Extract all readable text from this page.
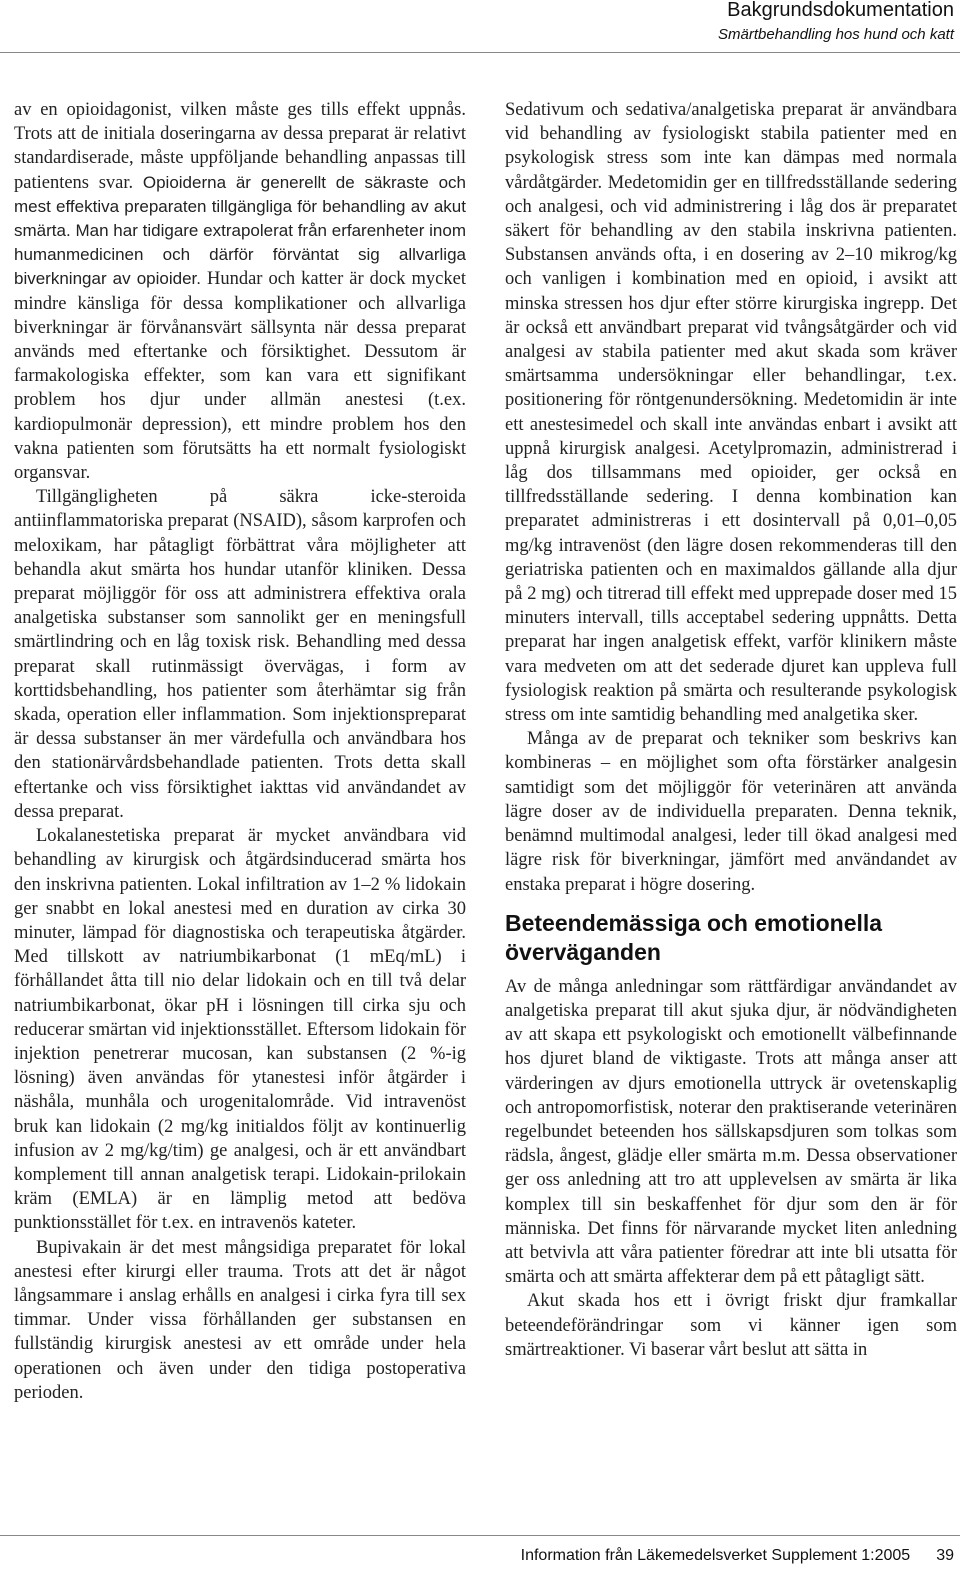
Bakgrundsdokumentation
Smärtbehandling hos hund och katt

av en opioidagonist, vilken måste ges tills effekt uppnås. Trots att de initiala doseringarna av dessa preparat är relativt standardiserade, måste uppföljande behandling anpassas till patientens svar. Opioiderna är generellt de säkraste och mest effektiva preparaten tillgängliga för behandling av akut smärta. Man har tidigare extrapolerat från erfarenheter inom humanmedicinen och därför förväntat sig allvarliga biverkningar av opioider. Hundar och katter är dock mycket mindre känsliga för dessa komplikationer och allvarliga biverkningar är förvånansvärt sällsynta när dessa preparat används med eftertanke och försiktighet. Dessutom är farmakologiska effekter, som kan vara ett signifikant problem hos djur under allmän anestesi (t.ex. kardiopulmonär depression), ett mindre problem hos den vakna patienten som förutsätts ha ett normalt fysiologiskt organsvar.

Tillgängligheten på säkra icke-steroida antiinflammatoriska preparat (NSAID), såsom karprofen och meloxikam, har påtagligt förbättrat våra möjligheter att behandla akut smärta hos hundar utanför kliniken. Dessa preparat möjliggör för oss att administrera effektiva orala analgetiska substanser som sannolikt ger en meningsfull smärtlindring och en låg toxisk risk. Behandling med dessa preparat skall rutinmässigt övervägas, i form av korttidsbehandling, hos patienter som återhämtar sig från skada, operation eller inflammation. Som injektionspreparat är dessa substanser än mer värdefulla och användbara hos den stationärvårdsbehandlade patienten. Trots detta skall eftertanke och viss försiktighet iakttas vid användandet av dessa preparat.

Lokalanestetiska preparat är mycket användbara vid behandling av kirurgisk och åtgärdsinducerad smärta hos den inskrivna patienten. Lokal infiltration av 1–2 % lidokain ger snabbt en lokal anestesi med en duration av cirka 30 minuter, lämpad för diagnostiska och terapeutiska åtgärder. Med tillskott av natriumbikarbonat (1 mEq/mL) i förhållandet åtta till nio delar lidokain och en till två delar natriumbikarbonat, ökar pH i lösningen till cirka sju och reducerar smärtan vid injektionsstället. Eftersom lidokain för injektion penetrerar mucosan, kan substansen (2 %-ig lösning) även användas för ytanestesi inför åtgärder i näshåla, munhåla och urogenitalområde. Vid intravenöst bruk kan lidokain (2 mg/kg initialdos följt av kontinuerlig infusion av 2 mg/kg/tim) ge analgesi, och är ett användbart komplement till annan analgetisk terapi. Lidokain-prilokain kräm (EMLA) är en lämplig metod att bedöva punktionsstället för t.ex. en intravenös kateter.

Bupivakain är det mest mångsidiga preparatet för lokal anestesi efter kirurgi eller trauma. Trots att det är något långsammare i anslag erhålls en analgesi i cirka fyra till sex timmar. Under vissa förhållanden ger substansen en fullständig kirurgisk anestesi av ett område under hela operationen och även under den tidiga postoperativa perioden.

Sedativum och sedativa/analgetiska preparat är användbara vid behandling av fysiologiskt stabila patienter med en psykologisk stress som inte kan dämpas med normala vårdåtgärder. Medetomidin ger en tillfredsställande sedering och analgesi, och vid administrering i låg dos är preparatet säkert för behandling av den stabila inskrivna patienten. Substansen används ofta, i en dosering av 2–10 mikrog/kg och vanligen i kombination med en opioid, i avsikt att minska stressen hos djur efter större kirurgiska ingrepp. Det är också ett användbart preparat vid tvångsåtgärder och vid analgesi av stabila patienter med akut skada som kräver smärtsamma undersökningar eller behandlingar, t.ex. positionering för röntgenundersökning. Medetomidin är inte ett anestesimedel och skall inte användas enbart i avsikt att uppnå kirurgisk analgesi. Acetylpromazin, administrerad i låg dos tillsammans med opioider, ger också en tillfredsställande sedering. I denna kombination kan preparatet administreras i ett dosintervall på 0,01–0,05 mg/kg intravenöst (den lägre dosen rekommenderas till den geriatriska patienten och en maximaldos gällande alla djur på 2 mg) och titrerad till effekt med upprepade doser med 15 minuters intervall, tills acceptabel sedering uppnåtts. Detta preparat har ingen analgetisk effekt, varför klinikern måste vara medveten om att det sederade djuret kan uppleva full fysiologisk reaktion på smärta och resulterande psykologisk stress om inte samtidig behandling med analgetika sker.

Många av de preparat och tekniker som beskrivs kan kombineras – en möjlighet som ofta förstärker analgesin samtidigt som det möjliggör för veterinären att använda lägre doser av de individuella preparaten. Denna teknik, benämnd multimodal analgesi, leder till ökad analgesi med lägre risk för biverkningar, jämfört med användandet av enstaka preparat i högre dosering.

Beteendemässiga och emotionella överväganden

Av de många anledningar som rättfärdigar användandet av analgetiska preparat till akut sjuka djur, är nödvändigheten av att skapa ett psykologiskt och emotionellt välbefinnande hos djuret bland de viktigaste. Trots att många anser att värderingen av djurs emotionella uttryck är ovetenskaplig och antropomorfistisk, noterar den praktiserande veterinären regelbundet beteenden hos sällskapsdjuren som tolkas som rädsla, ångest, glädje eller smärta m.m. Dessa observationer ger oss anledning att tro att upplevelsen av smärta är lika komplex till sin beskaffenhet för djur som den är för människa. Det finns för närvarande mycket liten anledning att betvivla att våra patienter föredrar att inte bli utsatta för smärta och att smärta affekterar dem på ett påtagligt sätt.

Akut skada hos ett i övrigt friskt djur framkallar beteendeförändringar som vi känner igen som smärtreaktioner. Vi baserar vårt beslut att sätta in

Information från Läkemedelsverket Supplement 1:2005 39
